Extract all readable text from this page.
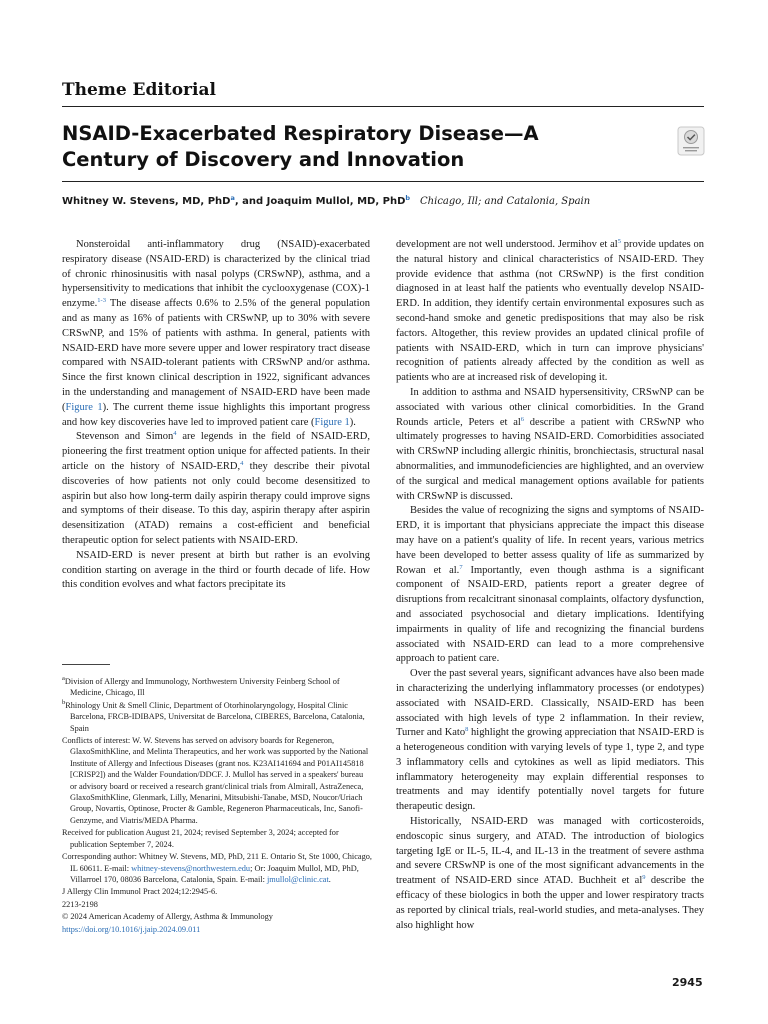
Theme Editorial
NSAID-Exacerbated Respiratory Disease—A Century of Discovery and Innovation
Whitney W. Stevens, MD, PhD$^a$, and Joaquim Mullol, MD, PhD$^b$ Chicago, Ill; and Catalonia, Spain

Nonsteroidal anti-inflammatory drug (NSAID)-exacerbated respiratory disease (NSAID-ERD) is characterized by the clinical triad of chronic rhinosinusitis with nasal polyps (CRSwNP), asthma, and a hypersensitivity to medications that inhibit the cyclooxygenase (COX)-1 enzyme.$^{1-3}$ The disease affects 0.6% to 2.5% of the general population and as many as 16% of patients with CRSwNP, up to 30% with severe CRSwNP, and 15% of patients with asthma. In general, patients with NSAID-ERD have more severe upper and lower respiratory tract disease compared with NSAID-tolerant patients with CRSwNP and/or asthma. Since the first known clinical description in 1922, significant advances in the understanding and management of NSAID-ERD have been made (Figure 1). The current theme issue highlights this important progress and how key discoveries have led to improved patient care (Figure 1).

Stevenson and Simon$^4$ are legends in the field of NSAID-ERD, pioneering the first treatment option unique for affected patients. In their article on the history of NSAID-ERD,$^4$ they describe their pivotal discoveries of how patients not only could become desensitized to aspirin but also how long-term daily aspirin therapy could improve signs and symptoms of their disease. To this day, aspirin therapy after aspirin desensitization (ATAD) remains a cost-efficient and beneficial therapeutic option for select patients with NSAID-ERD.

NSAID-ERD is never present at birth but rather is an evolving condition starting on average in the third or fourth decade of life. How this condition evolves and what factors precipitate its

development are not well understood. Jermihov et $al^5$ provide updates on the natural history and clinical characteristics of NSAID-ERD. They provide evidence that asthma (not CRSwNP) is the first condition diagnosed in at least half the patients who eventually develop NSAID-ERD. In addition, they identify certain environmental exposures such as second-hand smoke and genetic predispositions that may also be risk factors. Altogether, this review provides an updated clinical profile of patients with NSAID-ERD, which in turn can improve physicians' recognition of patients already affected by the condition as well as patients who are at increased risk of developing it.

In addition to asthma and NSAID hypersensitivity, CRSwNP can be associated with various other clinical comorbidities. In the Grand Rounds article, Peters et $al^6$ describe a patient with CRSwNP who ultimately progresses to having NSAID-ERD. Comorbidities associated with CRSwNP including allergic rhinitis, bronchiectasis, structural nasal abnormalities, and immunodeficiencies are highlighted, and an overview of the surgical and medical management options available for patients with CRSwNP is discussed.

Besides the value of recognizing the signs and symptoms of NSAID-ERD, it is important that physicians appreciate the impact this disease may have on a patient's quality of life. In recent years, various metrics have been developed to better assess quality of life as summarized by Rowan et al.$^7$ Importantly, even though asthma is a significant component of NSAID-ERD, patients report a greater degree of disruptions from recalcitrant sinonasal complaints, olfactory dysfunction, and associated psychosocial and dietary implications. Identifying impairments in quality of life and recognizing the financial burdens associated with NSAID-ERD can lead to a more comprehensive approach to patient care.

Over the past several years, significant advances have also been made in characterizing the underlying inflammatory processes (or endotypes) associated with NSAID-ERD. Classically, NSAID-ERD has been associated with high levels of type 2 inflammation. In their review, Turner and Kato$^8$ highlight the growing appreciation that NSAID-ERD is a heterogeneous condition with varying levels of type 1, type 2, and type 3 inflammatory cells and cytokines as well as lipid mediators. This inflammatory heterogeneity may explain differential responses to treatments and may identify potentially novel targets for future therapeutic design.

Historically, NSAID-ERD was managed with corticosteroids, endoscopic sinus surgery, and ATAD. The introduction of biologics targeting IgE or IL-5, IL-4, and IL-13 in the treatment of severe asthma and severe CRSwNP is one of the most significant advancements in the treatment of NSAID-ERD since ATAD. Buchheit et $al^9$ describe the efficacy of these biologics in both the upper and lower respiratory tracts as reported by clinical trials, real-world studies, and meta-analyses. They also highlight how

$^a$Division of Allergy and Immunology, Northwestern University Feinberg School of Medicine, Chicago, Ill

$^b$Rhinology Unit & Smell Clinic, Department of Otorhinolaryngology, Hospital Clinic Barcelona, FRCB-IDIBAPS, Universitat de Barcelona, CIBERES, Barcelona, Catalonia, Spain

Conflicts of interest: W. W. Stevens has served on advisory boards for Regeneron, GlaxoSmithKline, and Melinta Therapeutics, and her work was supported by the National Institute of Allergy and Infectious Diseases (grant nos. K23AI141694 and P01AI145818 [CRISP2]) and the Walder Foundation/DDCF. J. Mullol has served in a speakers' bureau or advisory board or received a research grant/clinical trials from Almirall, AstraZeneca, GlaxoSmithKline, Glenmark, Lilly, Menarini, Mitsubishi-Tanabe, MSD, Noucor/Uriach Group, Novartis, Optinose, Procter & Gamble, Regeneron Pharmaceuticals, Inc, Sanofi-Genzyme, and Viatris/MEDA Pharma.

Received for publication August 21, 2024; revised September 3, 2024; accepted for publication September 7, 2024.

Corresponding author: Whitney W. Stevens, MD, PhD, 211 E. Ontario St, Ste 1000, Chicago, IL 60611. E-mail: whitney-stevens@northwestern.edu; Or: Joaquim Mullol, MD, PhD, Villarroel 170, 08036 Barcelona, Catalonia, Spain. E-mail: jmullol@clinic.cat.

J Allergy Clin Immunol Pract 2024;12:2945-6.

2213-2198

© 2024 American Academy of Allergy, Asthma & Immunology

https://doi.org/10.1016/j.jaip.2024.09.011

2945
